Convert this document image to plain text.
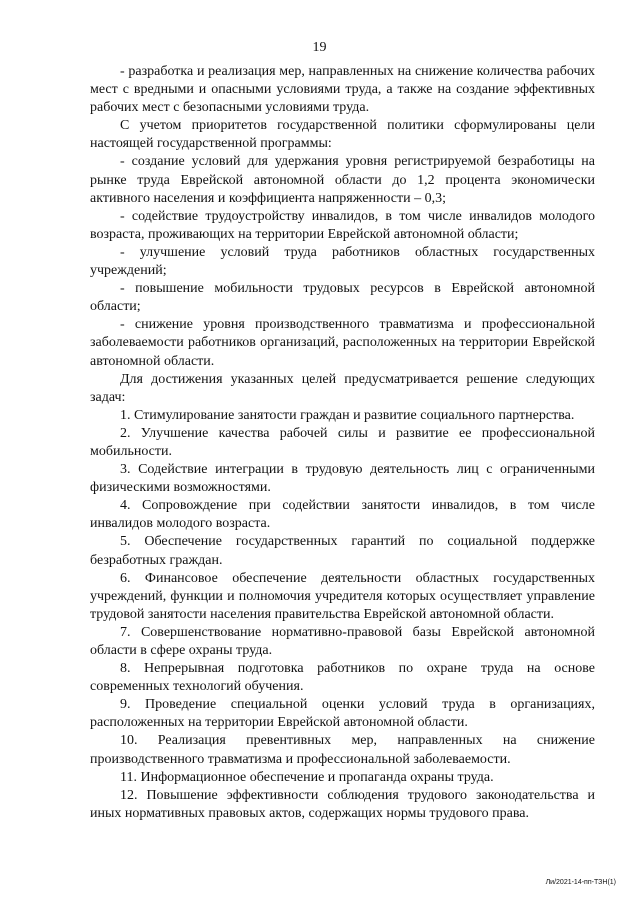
19

- разработка и реализация мер, направленных на снижение количества рабочих мест с вредными и опасными условиями труда, а также на создание эффективных рабочих мест с безопасными условиями труда.

С учетом приоритетов государственной политики сформулированы цели настоящей государственной программы:

- создание условий для удержания уровня регистрируемой безработицы на рынке труда Еврейской автономной области до 1,2 процента экономически активного населения и коэффициента напряженности – 0,3;

- содействие трудоустройству инвалидов, в том числе инвалидов молодого возраста, проживающих на территории Еврейской автономной области;

- улучшение условий труда работников областных государственных учреждений;

- повышение мобильности трудовых ресурсов в Еврейской автономной области;

- снижение уровня производственного травматизма и профессиональной заболеваемости работников организаций, расположенных на территории Еврейской автономной области.

Для достижения указанных целей предусматривается решение следующих задач:

1. Стимулирование занятости граждан и развитие социального партнерства.

2. Улучшение качества рабочей силы и развитие ее профессиональной мобильности.

3. Содействие интеграции в трудовую деятельность лиц с ограниченными физическими возможностями.

4. Сопровождение при содействии занятости инвалидов, в том числе инвалидов молодого возраста.

5. Обеспечение государственных гарантий по социальной поддержке безработных граждан.

6. Финансовое обеспечение деятельности областных государственных учреждений, функции и полномочия учредителя которых осуществляет управление трудовой занятости населения правительства Еврейской автономной области.

7. Совершенствование нормативно-правовой базы Еврейской автономной области в сфере охраны труда.

8. Непрерывная подготовка работников по охране труда на основе современных технологий обучения.

9. Проведение специальной оценки условий труда в организациях, расположенных на территории Еврейской автономной области.

10. Реализация превентивных мер, направленных на снижение производственного травматизма и профессиональной заболеваемости.

11. Информационное обеспечение и пропаганда охраны труда.

12. Повышение эффективности соблюдения трудового законодательства и иных нормативных правовых актов, содержащих нормы трудового права.

Ли/2021-14-пп-ТЗН(1)
